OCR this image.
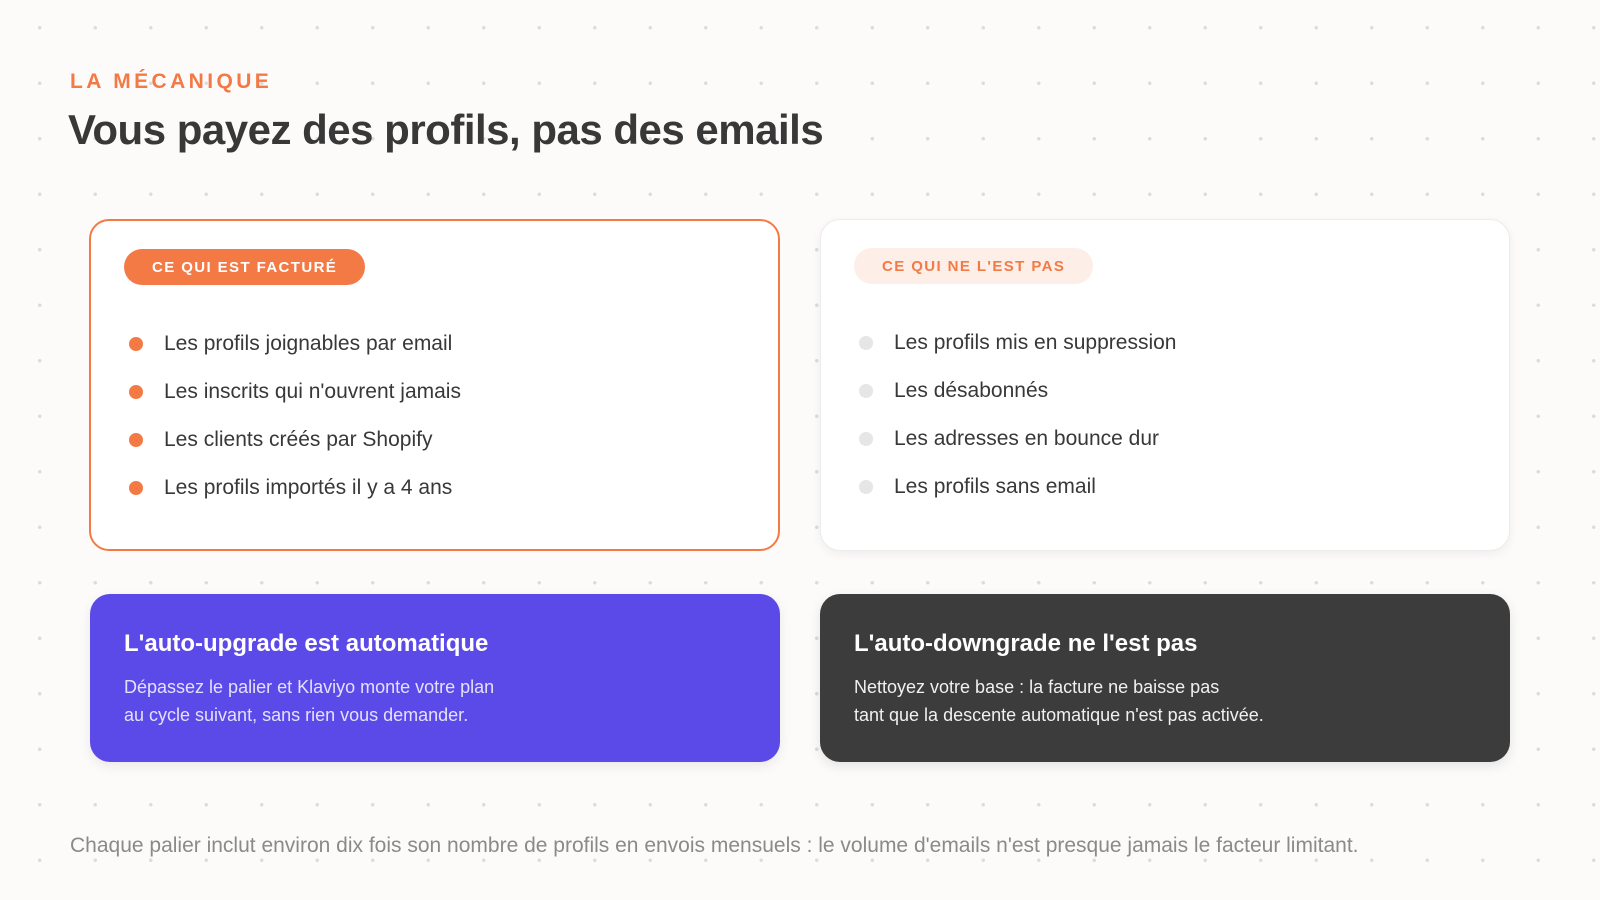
LA MÉCANIQUE
Vous payez des profils, pas des emails
CE QUI EST FACTURÉ
Les profils joignables par email
Les inscrits qui n'ouvrent jamais
Les clients créés par Shopify
Les profils importés il y a 4 ans
CE QUI NE L'EST PAS
Les profils mis en suppression
Les désabonnés
Les adresses en bounce dur
Les profils sans email
L'auto-upgrade est automatique
Dépassez le palier et Klaviyo monte votre plan
au cycle suivant, sans rien vous demander.
L'auto-downgrade ne l'est pas
Nettoyez votre base : la facture ne baisse pas
tant que la descente automatique n'est pas activée.
Chaque palier inclut environ dix fois son nombre de profils en envois mensuels : le volume d'emails n'est presque jamais le facteur limitant.
